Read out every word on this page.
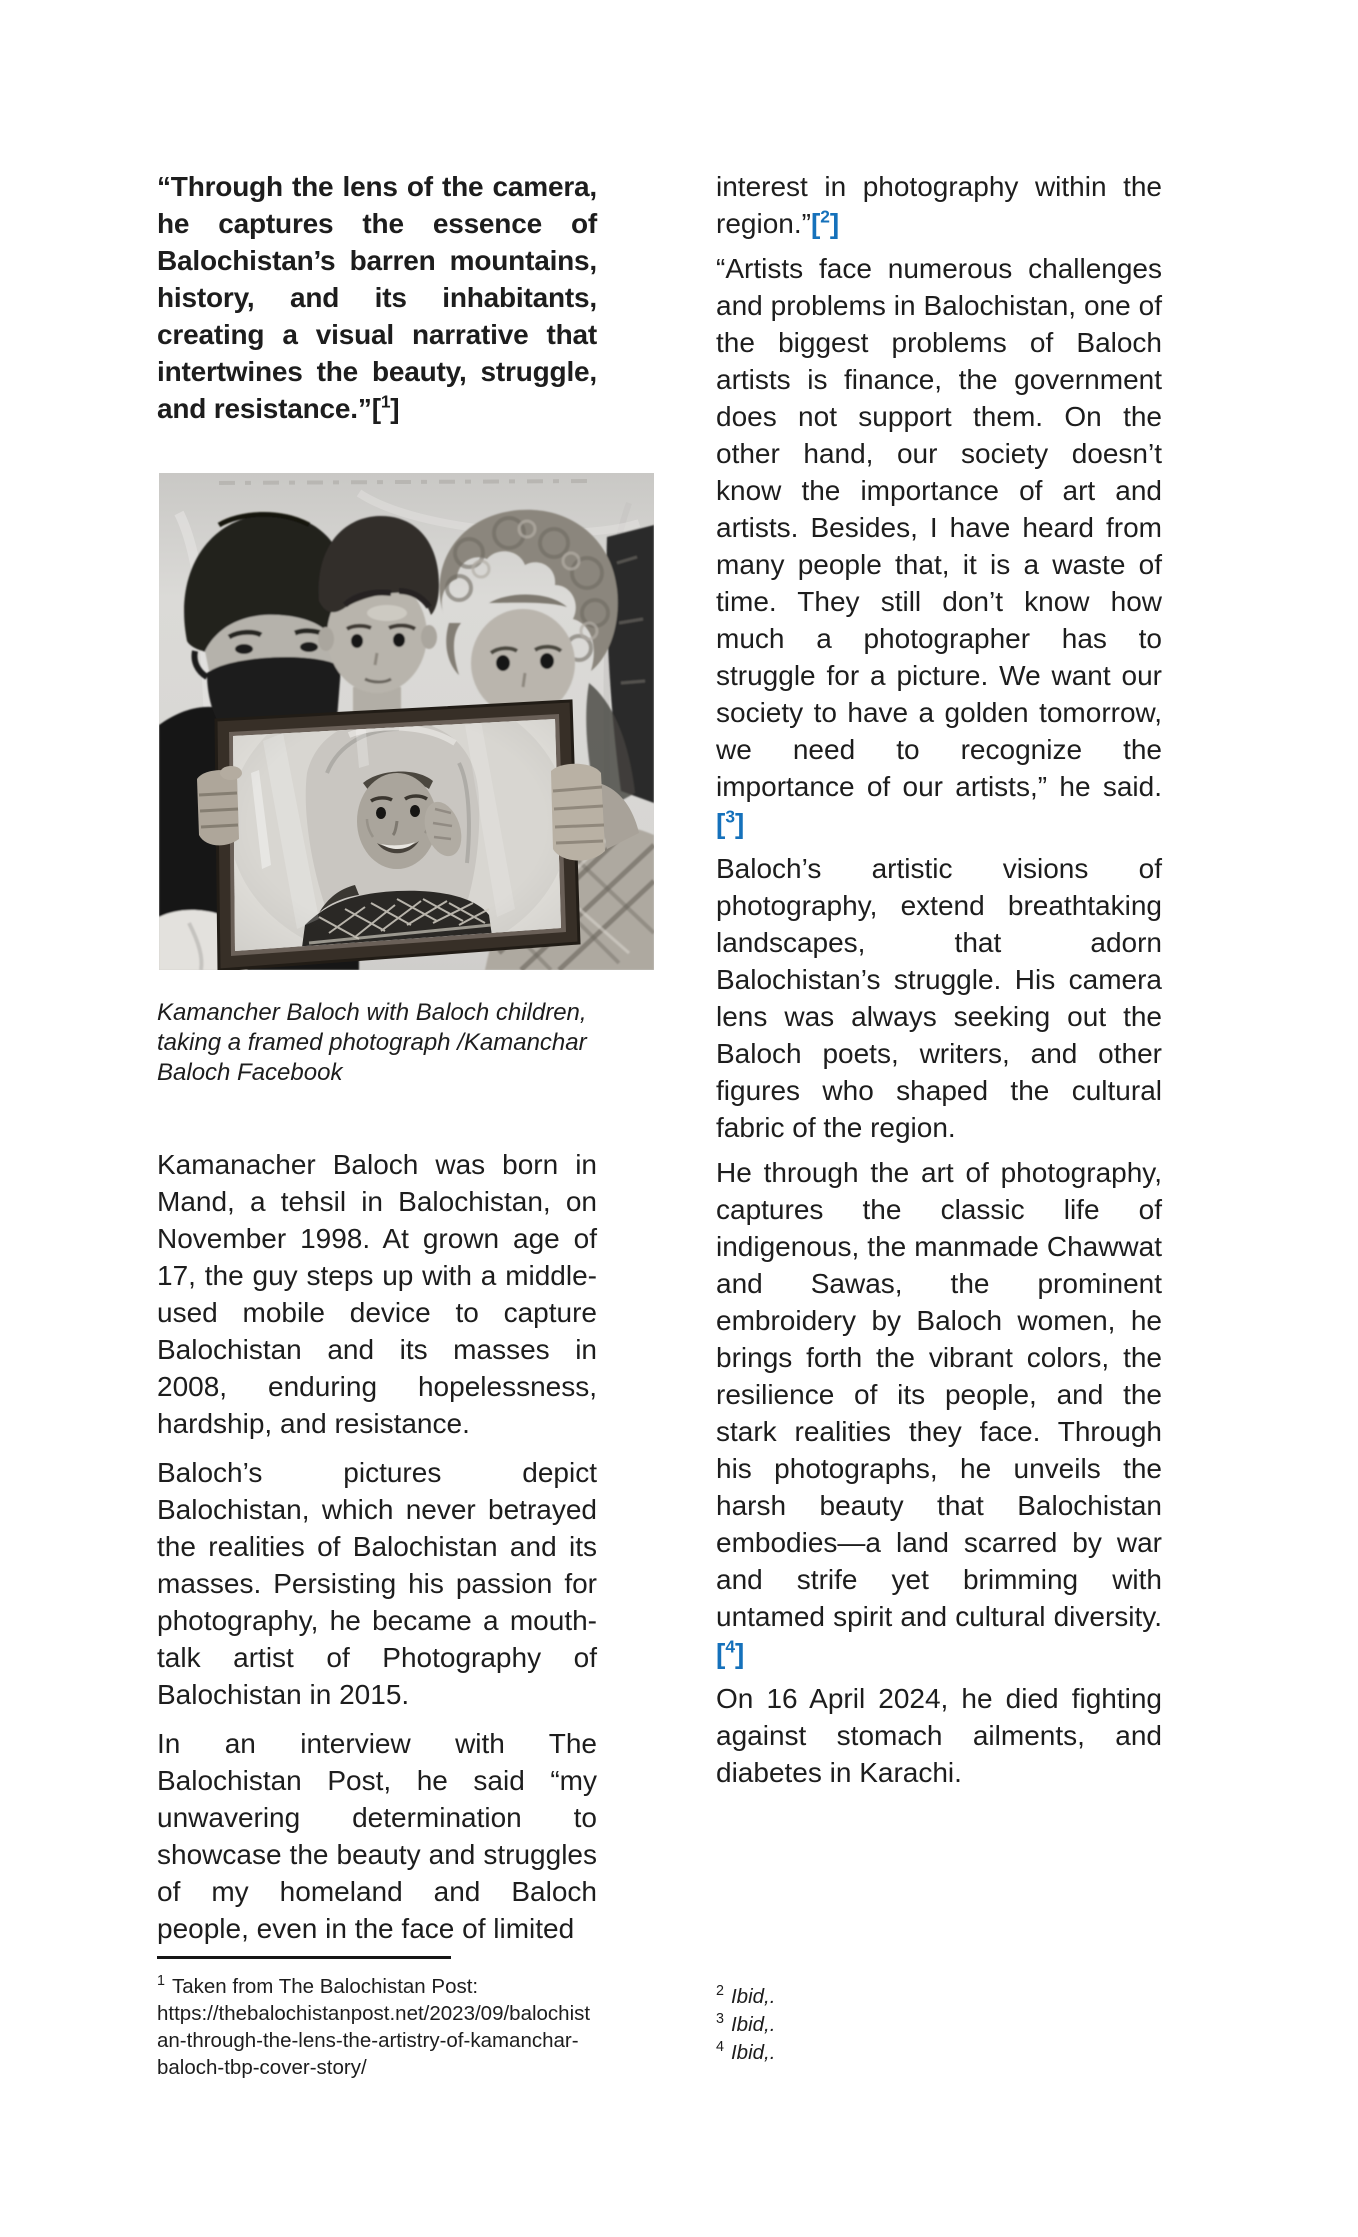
“Through the lens of the camera, he captures the essence of Balochistan’s barren mountains, history, and its inhabitants, creating a visual narrative that intertwines the beauty, struggle, and resistance.”[$^1$]

Kamancher Baloch with Baloch children, taking a framed photograph /Kamanchar Baloch Facebook

Kamanacher Baloch was born in Mand, a tehsil in Balochistan, on November 1998. At grown age of 17, the guy steps up with a middle-used mobile device to capture Balochistan and its masses in 2008, enduring hopelessness, hardship, and resistance.

Baloch’s pictures depict Balochistan, which never betrayed the realities of Balochistan and its masses. Persisting his passion for photography, he became a mouth-talk artist of Photography of Balochistan in 2015.

In an interview with The Balochistan Post, he said “my unwavering determination to showcase the beauty and struggles of my homeland and Baloch people, even in the face of limited

$^1$ Taken from The Balochistan Post: https://thebalochistanpost.net/2023/09/balochistan-through-the-lens-the-artistry-of-kamanchar-baloch-tbp-cover-story/

interest in photography within the region.”[$^2$]

“Artists face numerous challenges and problems in Balochistan, one of the biggest problems of Baloch artists is finance, the government does not support them. On the other hand, our society doesn’t know the importance of art and artists. Besides, I have heard from many people that, it is a waste of time. They still don’t know how much a photographer has to struggle for a picture. We want our society to have a golden tomorrow, we need to recognize the importance of our artists,” he said.[$^3$]

Baloch’s artistic visions of photography, extend breathtaking landscapes, that adorn Balochistan’s struggle. His camera lens was always seeking out the Baloch poets, writers, and other figures who shaped the cultural fabric of the region.

He through the art of photography, captures the classic life of indigenous, the manmade Chawwat and Sawas, the prominent embroidery by Baloch women, he brings forth the vibrant colors, the resilience of its people, and the stark realities they face. Through his photographs, he unveils the harsh beauty that Balochistan embodies—a land scarred by war and strife yet brimming with untamed spirit and cultural diversity.[$^4$]

On 16 April 2024, he died fighting against stomach ailments, and diabetes in Karachi.

$^2$ Ibid,.

$^3$ Ibid,.

$^4$ Ibid,.
